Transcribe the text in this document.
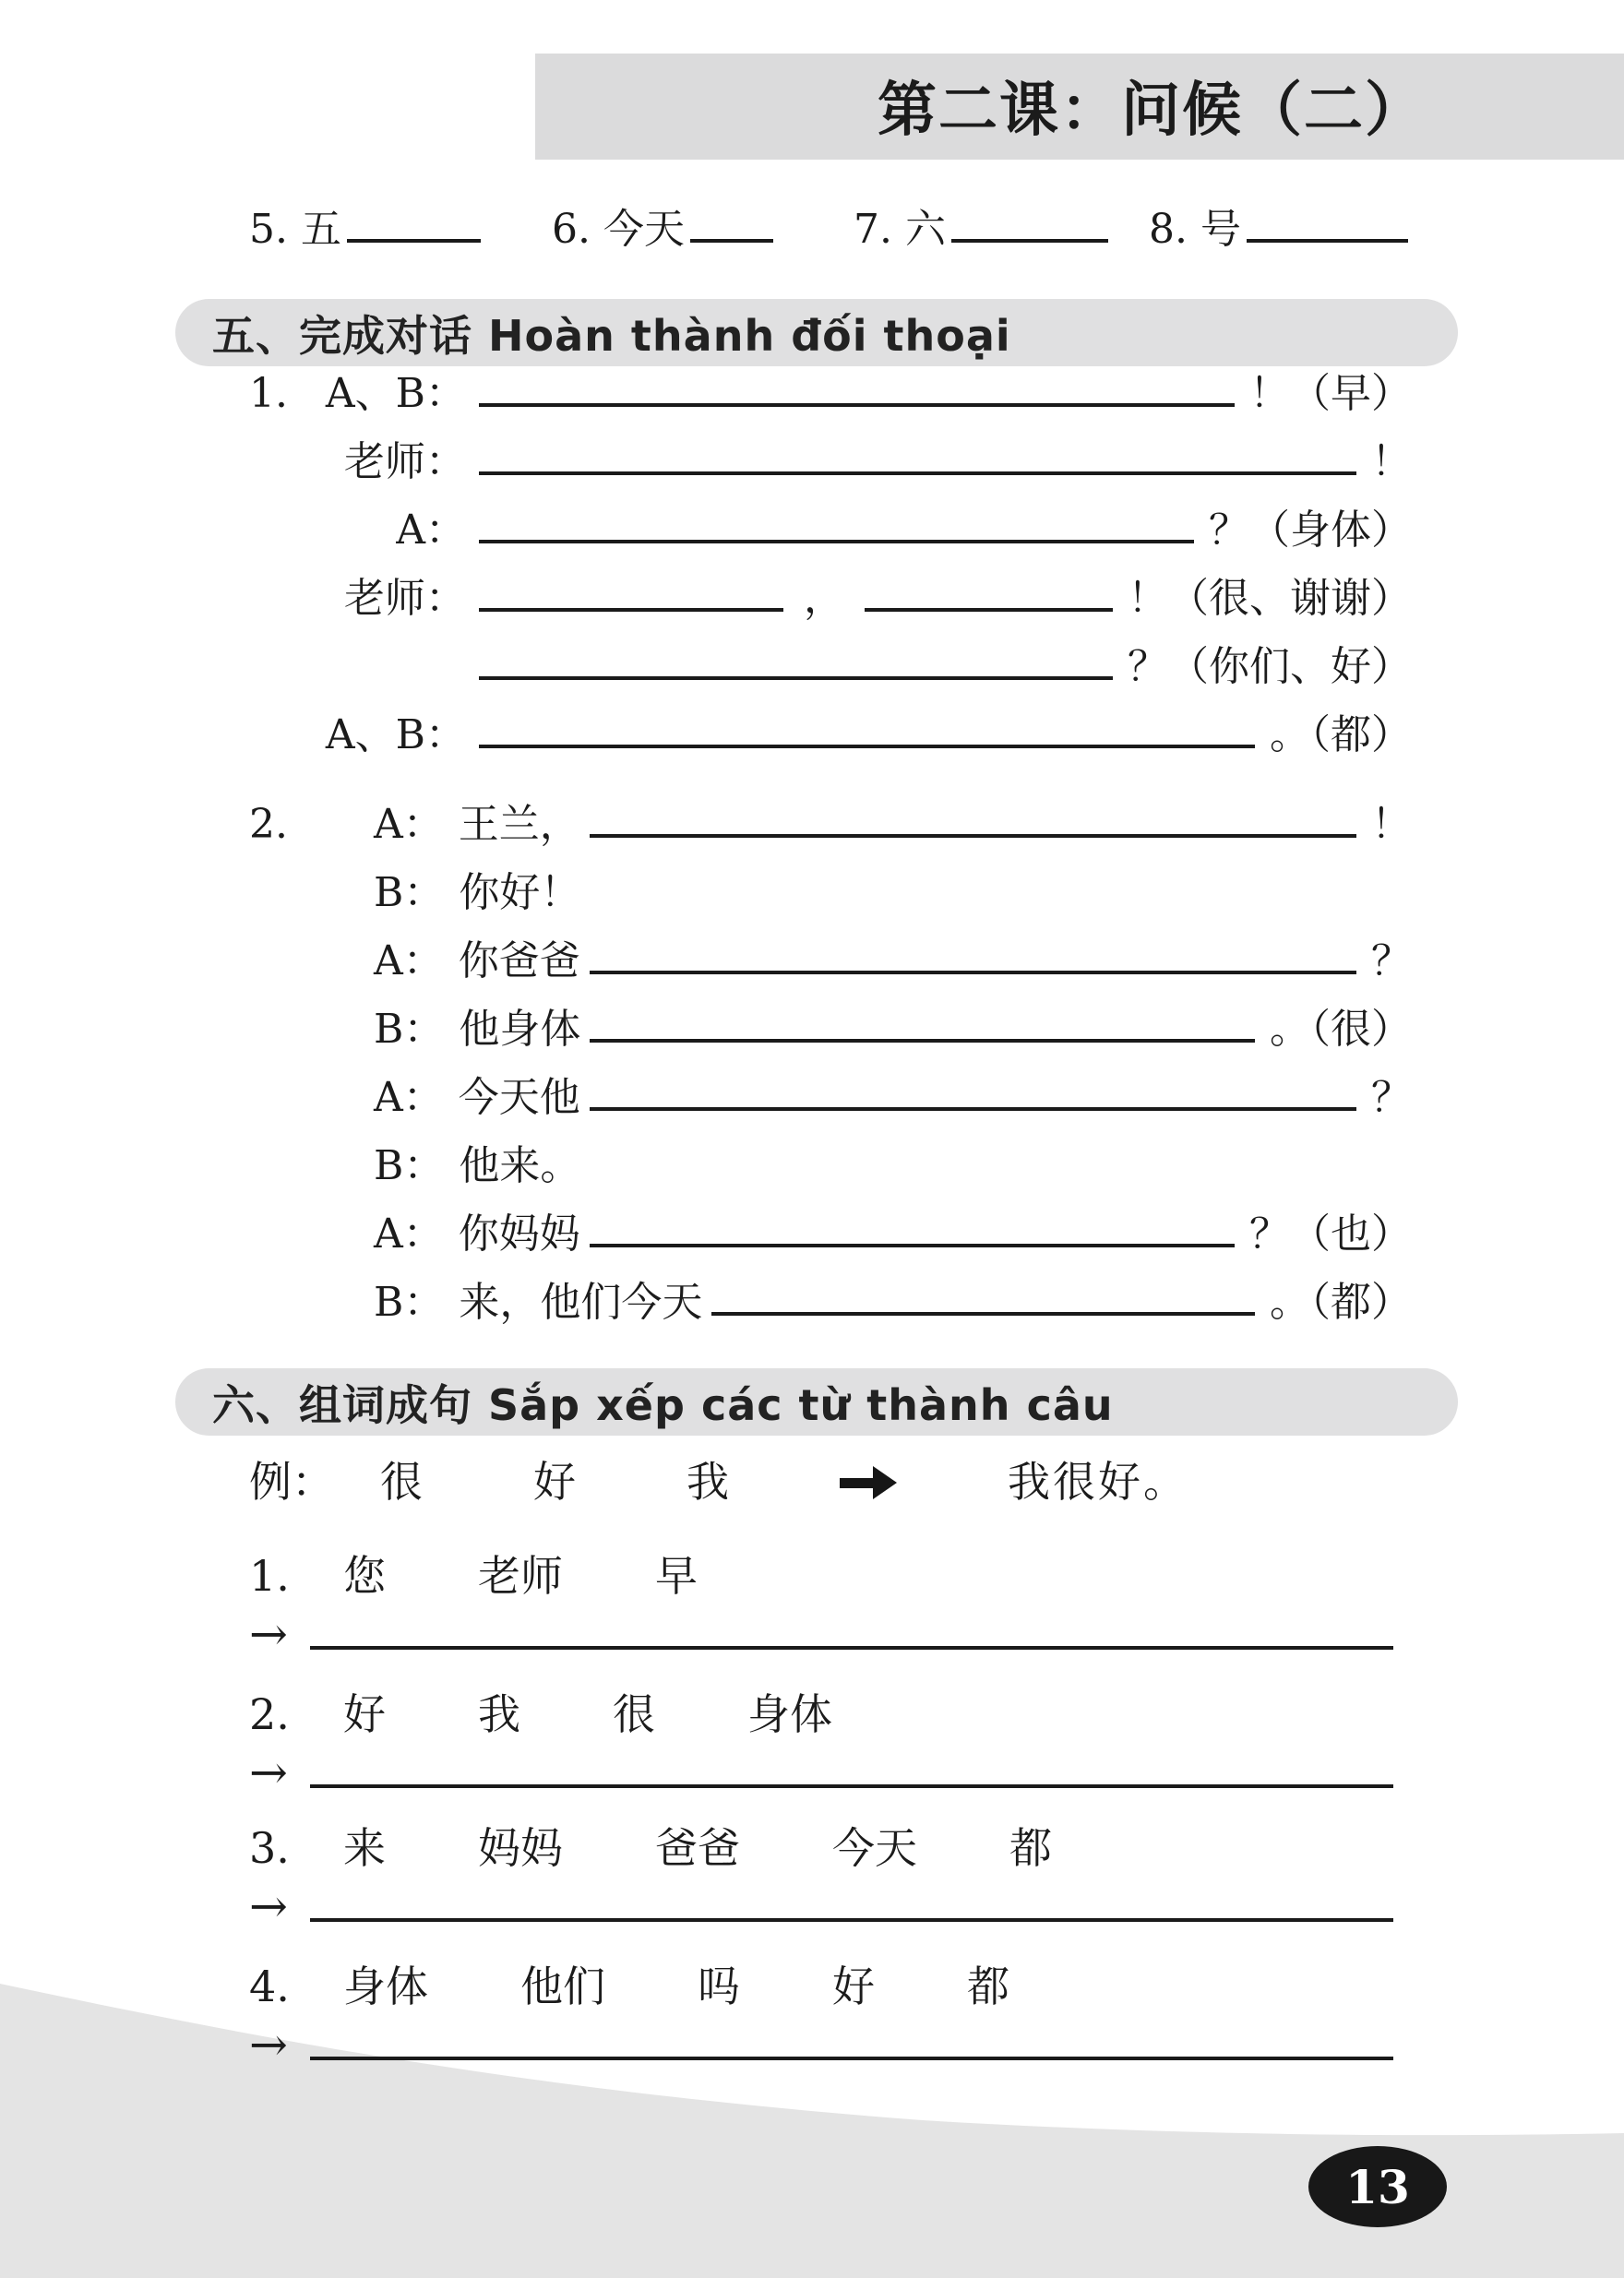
第二课：问候（二）
5. 五	6. 今天	7. 六	8. 号
五、完成对话 Hoàn thành đối thoại
1. A、B：	！（早）
老师：	！
A：	？（身体）
老师：	，	！（很、谢谢）
？（你们、好）
A、B：	。（都）
2. A： 王兰，	！
B： 你好！
A： 你爸爸	？
B： 他身体	。（很）
A： 今天他	？
B： 他来。
A： 你妈妈	？（也）
B： 来，他们今天	。（都）
六、组词成句 Sắp xếp các từ thành câu
例： 很	好	我	我很好。
1. 您 老师 早
→
2. 好 我 很 身体
→
3. 来 妈妈 爸爸 今天 都
→
4. 身体 他们 吗 好 都
→
13
